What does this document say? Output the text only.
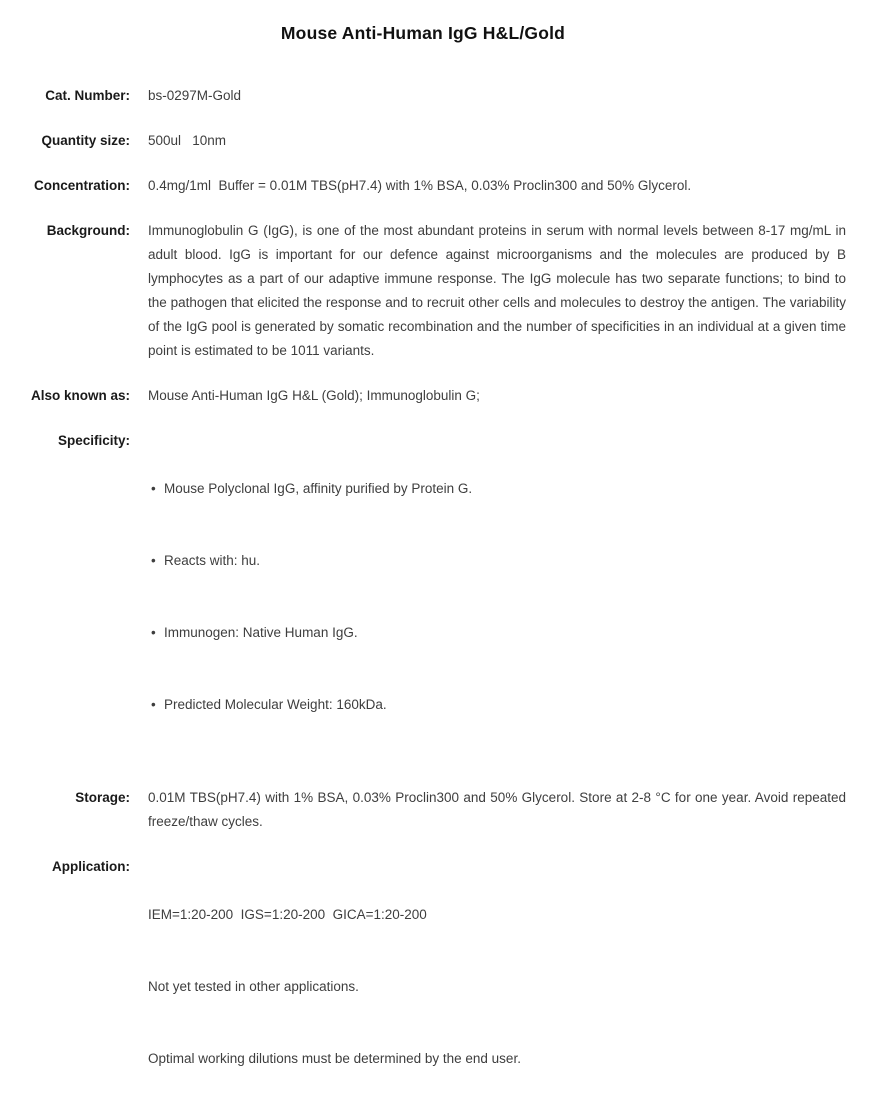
Mouse Anti-Human IgG H&L/Gold
Cat. Number: bs-0297M-Gold
Quantity size: 500ul   10nm
Concentration: 0.4mg/1ml  Buffer = 0.01M TBS(pH7.4) with 1% BSA, 0.03% Proclin300 and 50% Glycerol.
Background: Immunoglobulin G (IgG), is one of the most abundant proteins in serum with normal levels between 8-17 mg/mL in adult blood. IgG is important for our defence against microorganisms and the molecules are produced by B lymphocytes as a part of our adaptive immune response. The IgG molecule has two separate functions; to bind to the pathogen that elicited the response and to recruit other cells and molecules to destroy the antigen. The variability of the IgG pool is generated by somatic recombination and the number of specificities in an individual at a given time point is estimated to be 1011 variants.
Also known as: Mouse Anti-Human IgG H&L (Gold); Immunoglobulin G;
Specificity:

• Mouse Polyclonal IgG, affinity purified by Protein G.

• Reacts with: hu.

• Immunogen: Native Human IgG.

• Predicted Molecular Weight: 160kDa.

Storage: 0.01M TBS(pH7.4) with 1% BSA, 0.03% Proclin300 and 50% Glycerol. Store at 2-8 °C for one year. Avoid repeated freeze/thaw cycles.
Application:

IEM=1:20-200  IGS=1:20-200  GICA=1:20-200

Not yet tested in other applications.

Optimal working dilutions must be determined by the end user.
